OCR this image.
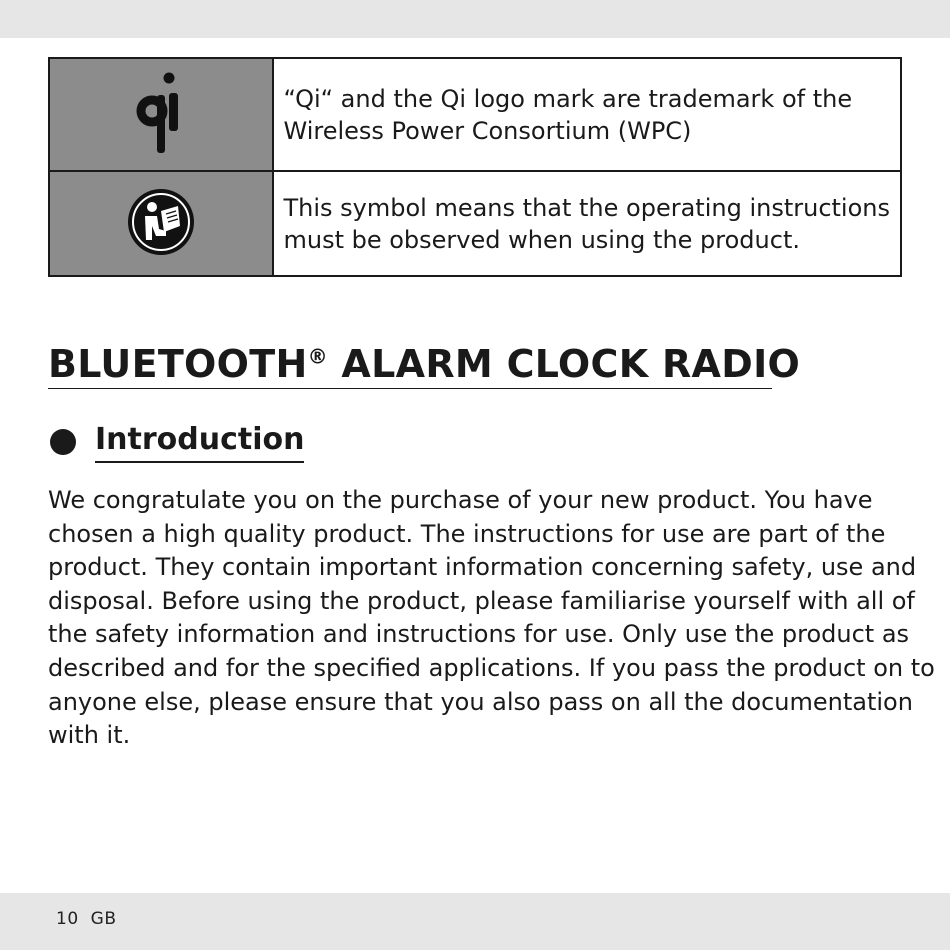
“Qi“ and the Qi logo mark are trademark of the
Wireless Power Consortium (WPC)

This symbol means that the operating instructions
must be observed when using the product.
BLUETOOTH® ALARM CLOCK RADIO
Introduction
We congratulate you on the purchase of your new product. You have
chosen a high quality product. The instructions for use are part of the
product. They contain important information concerning safety, use and
disposal. Before using the product, please familiarise yourself with all of
the safety information and instructions for use. Only use the product as
described and for the specified applications. If you pass the product on to
anyone else, please ensure that you also pass on all the documentation
with it.
10 GB
